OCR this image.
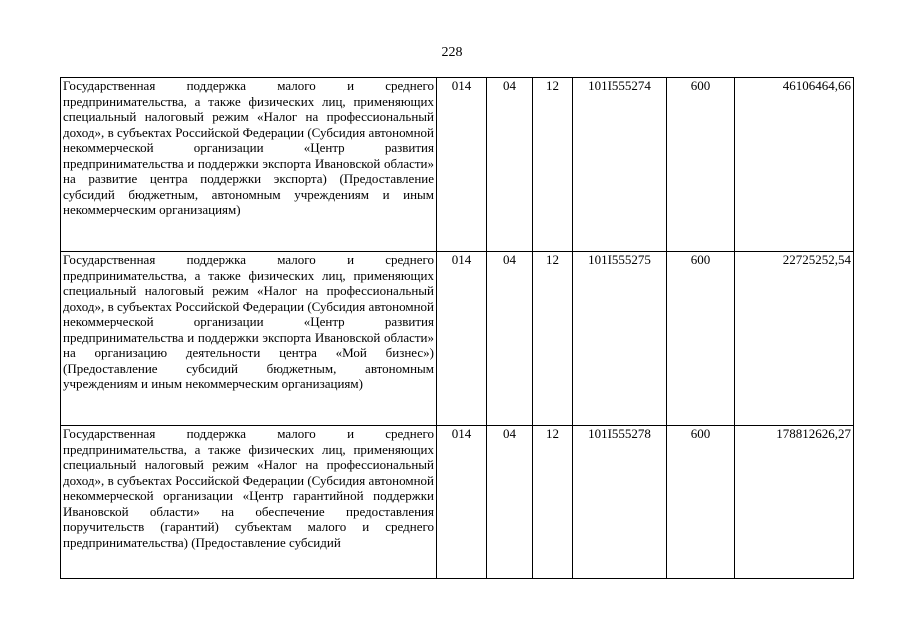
228
Государственная поддержка малого и среднего предпринимательства, а также физических лиц, применяющих специальный налоговый режим «Налог на профессиональный доход», в субъектах Российской Федерации (Субсидия автономной некоммерческой организации «Центр развития предпринимательства и поддержки экспорта Ивановской области» на развитие центра поддержки экспорта) (Предоставление субсидий бюджетным, автономным учреждениям и иным некоммерческим организациям)	014	04	12	101I555274	600	46106464,66

Государственная поддержка малого и среднего предпринимательства, а также физических лиц, применяющих специальный налоговый режим «Налог на профессиональный доход», в субъектах Российской Федерации (Субсидия автономной некоммерческой организации «Центр развития предпринимательства и поддержки экспорта Ивановской области» на организацию деятельности центра «Мой бизнес») (Предоставление субсидий бюджетным, автономным учреждениям и иным некоммерческим организациям)	014	04	12	101I555275	600	22725252,54

Государственная поддержка малого и среднего предпринимательства, а также физических лиц, применяющих специальный налоговый режим «Налог на профессиональный доход», в субъектах Российской Федерации (Субсидия автономной некоммерческой организации «Центр гарантийной поддержки Ивановской области» на обеспечение предоставления поручительств (гарантий) субъектам малого и среднего предпринимательства) (Предоставление субсидий	014	04	12	101I555278	600	178812626,27
